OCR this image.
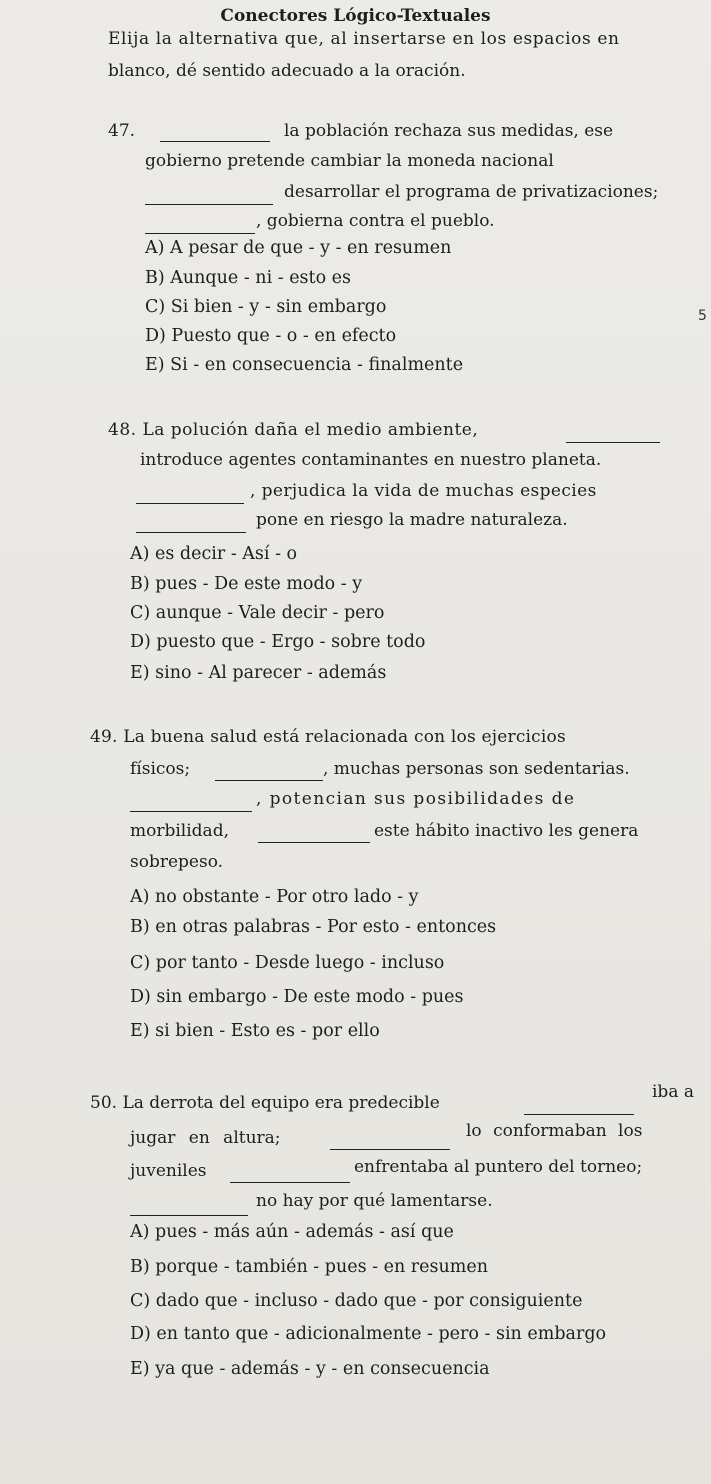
Conectores Lógico-Textuales
Elija la alternativa que, al insertarse en los espacios en
blanco, dé sentido adecuado a la oración.
47.	la población rechaza sus medidas, ese
gobierno pretende cambiar la moneda nacional
desarrollar el programa de privatizaciones;
, gobierna contra el pueblo.
A) A pesar de que - y - en resumen
B) Aunque - ni - esto es
C) Si bien - y - sin embargo
D) Puesto que - o - en efecto
E) Si - en consecuencia - finalmente
5
48. La polución daña el medio ambiente,
introduce agentes contaminantes en nuestro planeta.
, perjudica la vida de muchas especies
pone en riesgo la madre naturaleza.
A) es decir - Así - o
B) pues - De este modo - y
C) aunque - Vale decir - pero
D) puesto que - Ergo - sobre todo
E) sino - Al parecer - además
49. La buena salud está relacionada con los ejercicios
físicos;	, muchas personas son sedentarias.
, potencian sus posibilidades de
morbilidad,	este hábito inactivo les genera
sobrepeso.
A) no obstante - Por otro lado - y
B) en otras palabras - Por esto - entonces
C) por tanto - Desde luego - incluso
D) sin embargo - De este modo - pues
E) si bien - Esto es - por ello
50. La derrota del equipo era predecible
iba a
jugar en altura;	lo conformaban los
juveniles	enfrentaba al puntero del torneo;
no hay por qué lamentarse.
A) pues - más aún - además - así que
B) porque - también - pues - en resumen
C) dado que - incluso - dado que - por consiguiente
D) en tanto que - adicionalmente - pero - sin embargo
E) ya que - además - y - en consecuencia
